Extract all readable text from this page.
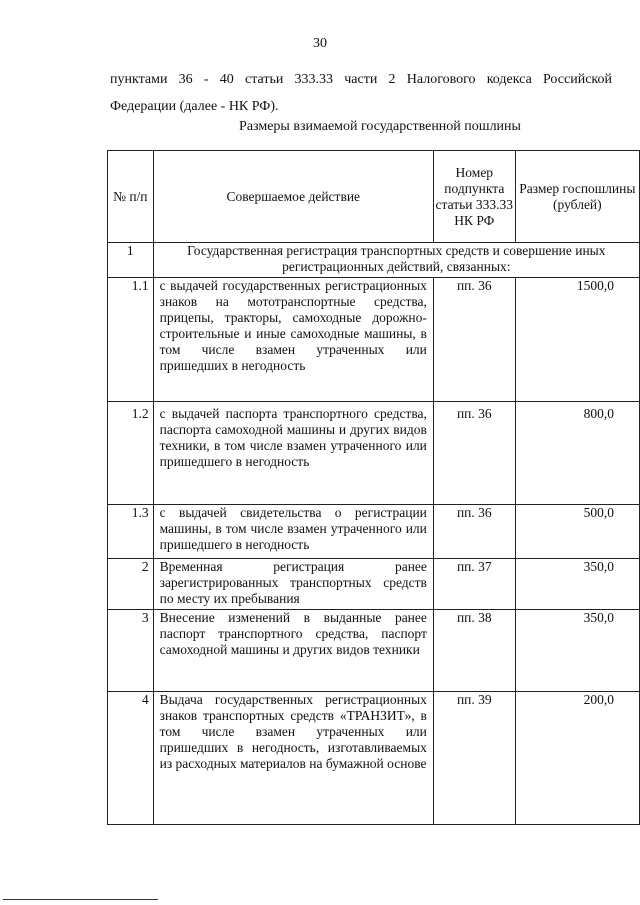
30
пунктами 36 - 40 статьи 333.33 части 2 Налогового кодекса Российской
Федерации (далее - НК РФ).
Размеры взимаемой государственной пошлины
№ п/п	Совершаемое действие	Номер подпункта статьи 333.33 НК РФ	Размер госпошлины (рублей)
1	Государственная регистрация транспортных средств и совершение иных регистрационных действий, связанных:		
1.1	с выдачей государственных регистрационных знаков на мототранспортные средства, прицепы, тракторы, самоходные дорожно-строительные и иные самоходные машины, в том числе взамен утраченных или пришедших в негодность	пп. 36	1500,0
1.2	с выдачей паспорта транспортного средства, паспорта самоходной машины и других видов техники, в том числе взамен утраченного или пришедшего в негодность	пп. 36	800,0
1.3	с выдачей свидетельства о регистрации машины, в том числе взамен утраченного или пришедшего в негодность	пп. 36	500,0
2	Временная регистрация ранее зарегистрированных транспортных средств по месту их пребывания	пп. 37	350,0
3	Внесение изменений в выданные ранее паспорт транспортного средства, паспорт самоходной машины и других видов техники	пп. 38	350,0
4	Выдача государственных регистрационных знаков транспортных средств «ТРАНЗИТ», в том числе взамен утраченных или пришедших в негодность, изготавливаемых из расходных материалов на бумажной основе	пп. 39	200,0
